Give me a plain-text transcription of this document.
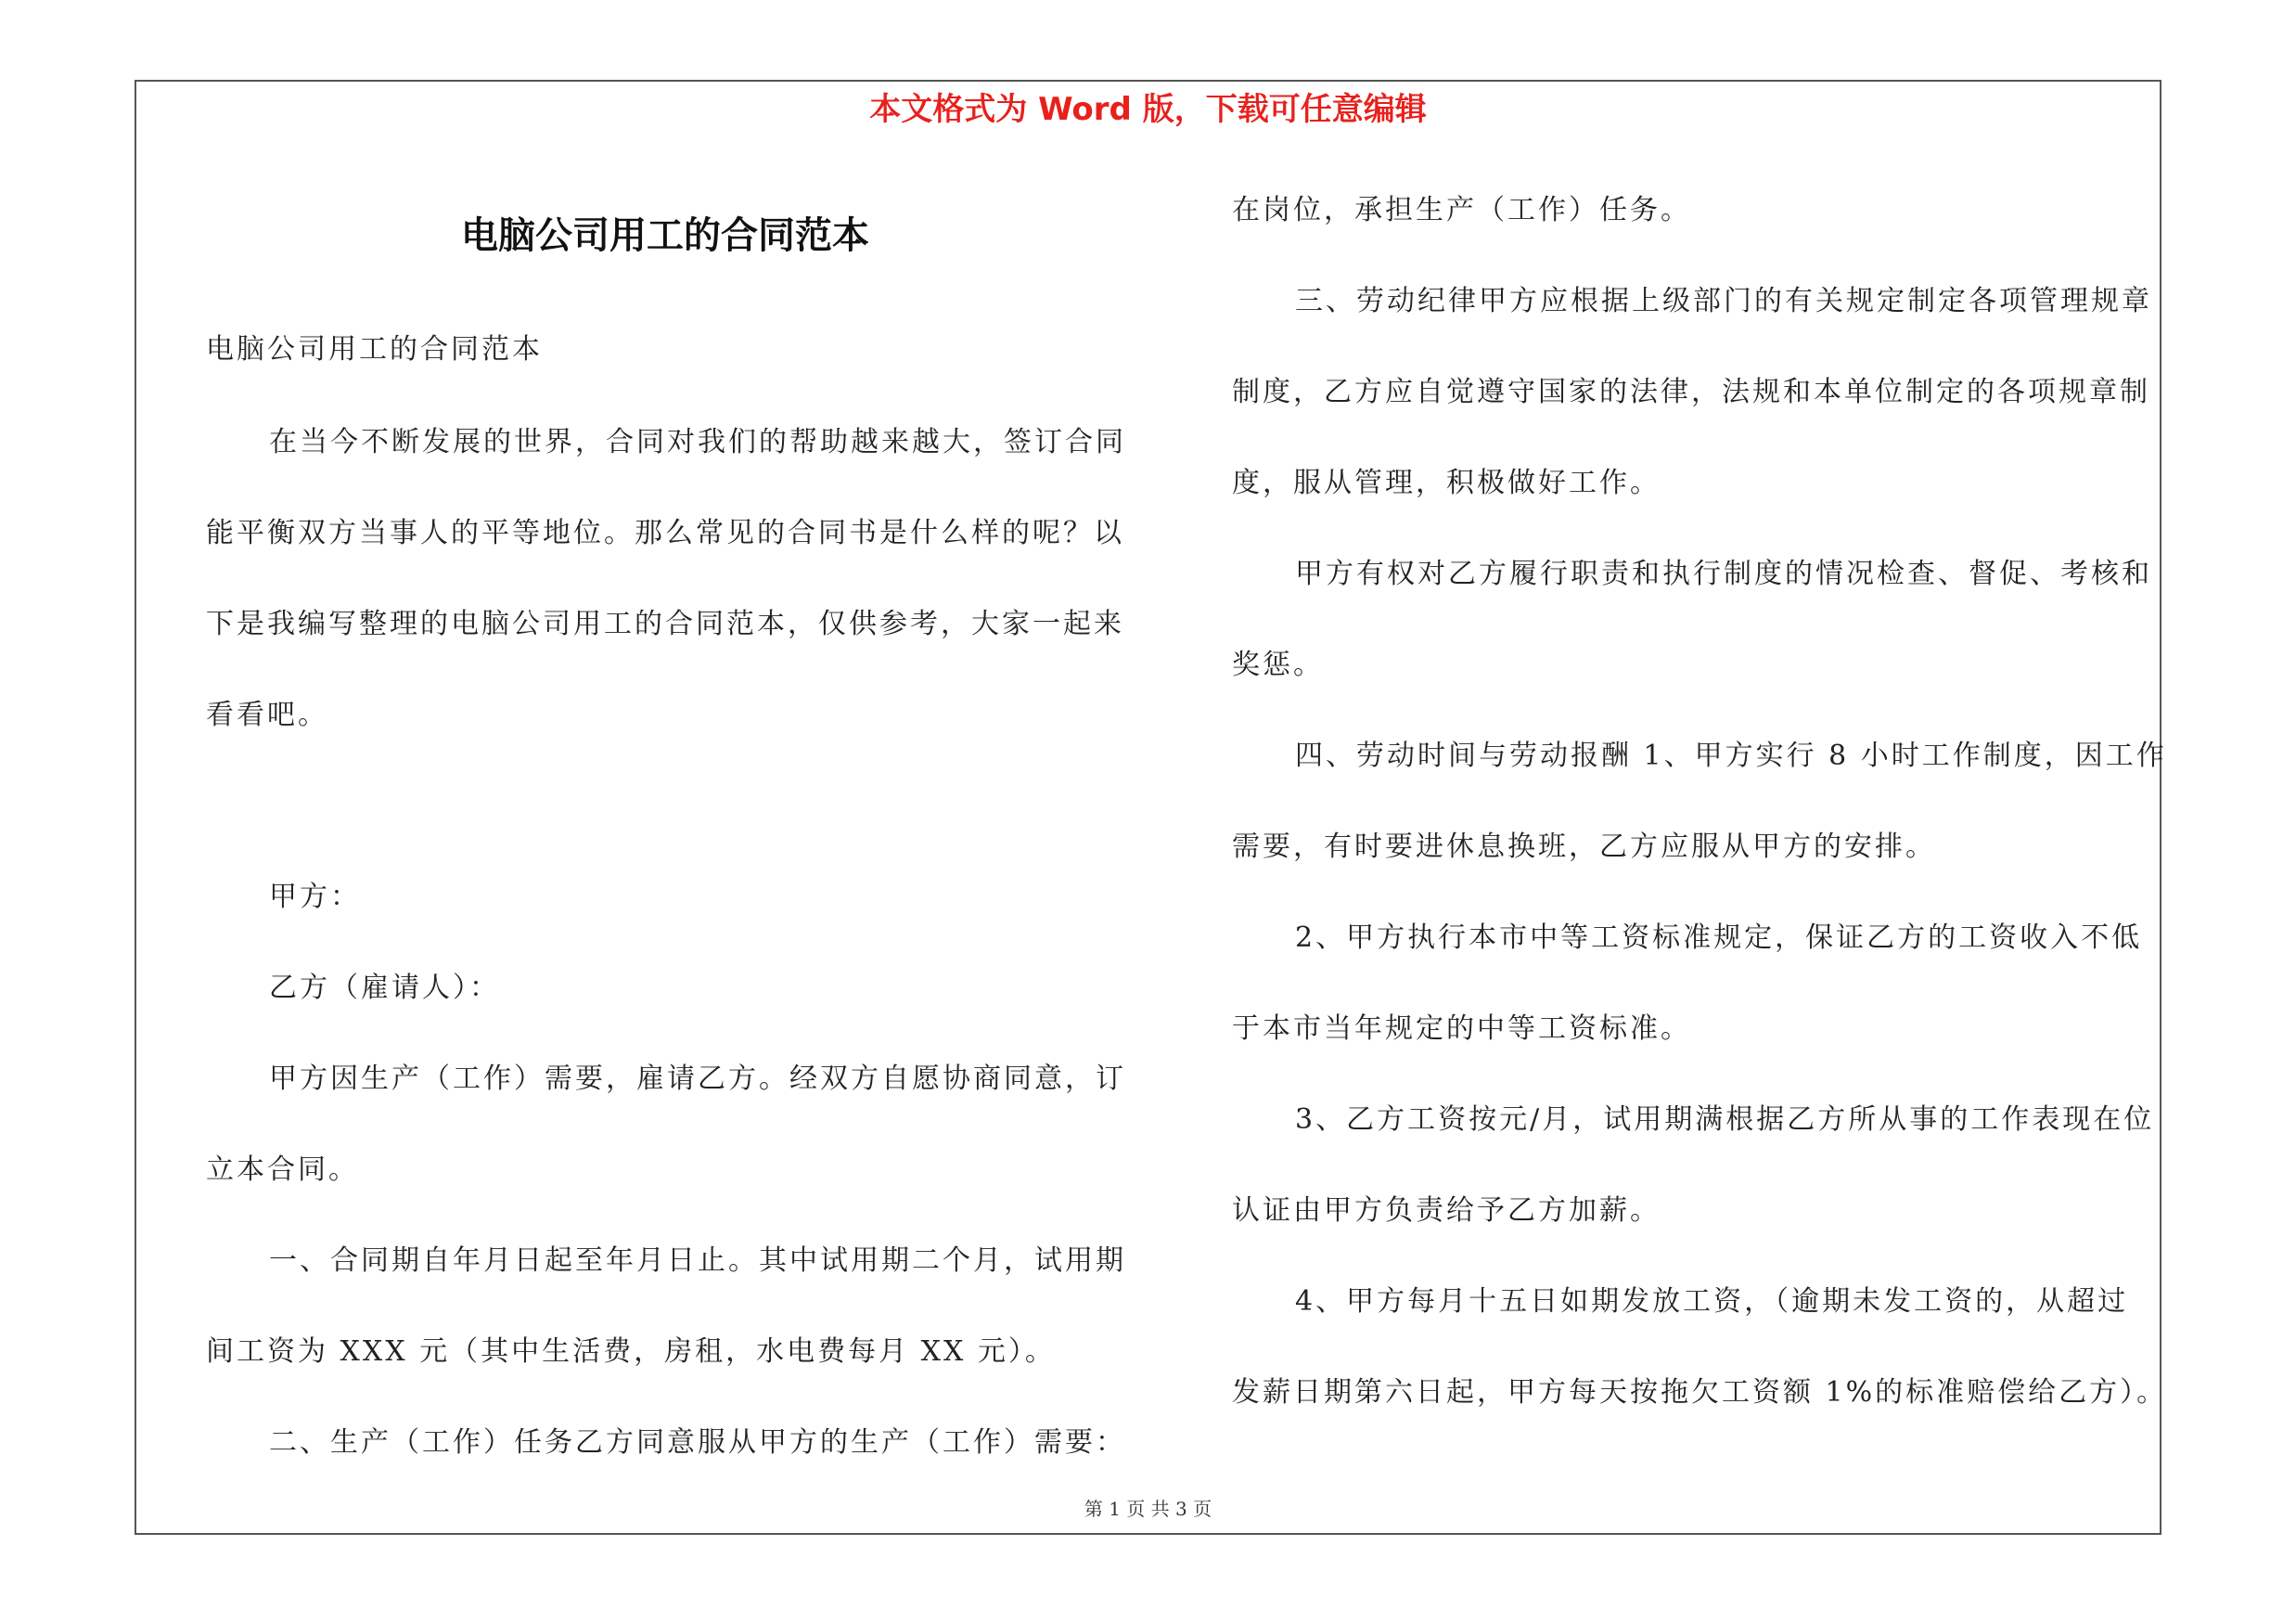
本文格式为 Word 版，下载可任意编辑
电脑公司用工的合同范本
电脑公司用工的合同范本
在当今不断发展的世界，合同对我们的帮助越来越大，签订合同
能平衡双方当事人的平等地位。那么常见的合同书是什么样的呢？以
下是我编写整理的电脑公司用工的合同范本，仅供参考，大家一起来
看看吧。
甲方：
乙方（雇请人）：
甲方因生产（工作）需要，雇请乙方。经双方自愿协商同意，订
立本合同。
一、合同期自年月日起至年月日止。其中试用期二个月，试用期
间工资为 XXX 元（其中生活费，房租，水电费每月 XX 元）。
二、生产（工作）任务乙方同意服从甲方的生产（工作）需要：
在岗位，承担生产（工作）任务。
三、劳动纪律甲方应根据上级部门的有关规定制定各项管理规章
制度，乙方应自觉遵守国家的法律，法规和本单位制定的各项规章制
度，服从管理，积极做好工作。
甲方有权对乙方履行职责和执行制度的情况检查、督促、考核和
奖惩。
四、劳动时间与劳动报酬 1、甲方实行 8 小时工作制度，因工作
需要，有时要进休息换班，乙方应服从甲方的安排。
2、甲方执行本市中等工资标准规定，保证乙方的工资收入不低
于本市当年规定的中等工资标准。
3、乙方工资按元/月，试用期满根据乙方所从事的工作表现在位
认证由甲方负责给予乙方加薪。
4、甲方每月十五日如期发放工资，（逾期未发工资的，从超过
发薪日期第六日起，甲方每天按拖欠工资额 1%的标准赔偿给乙方）。
第 1 页 共 3 页
